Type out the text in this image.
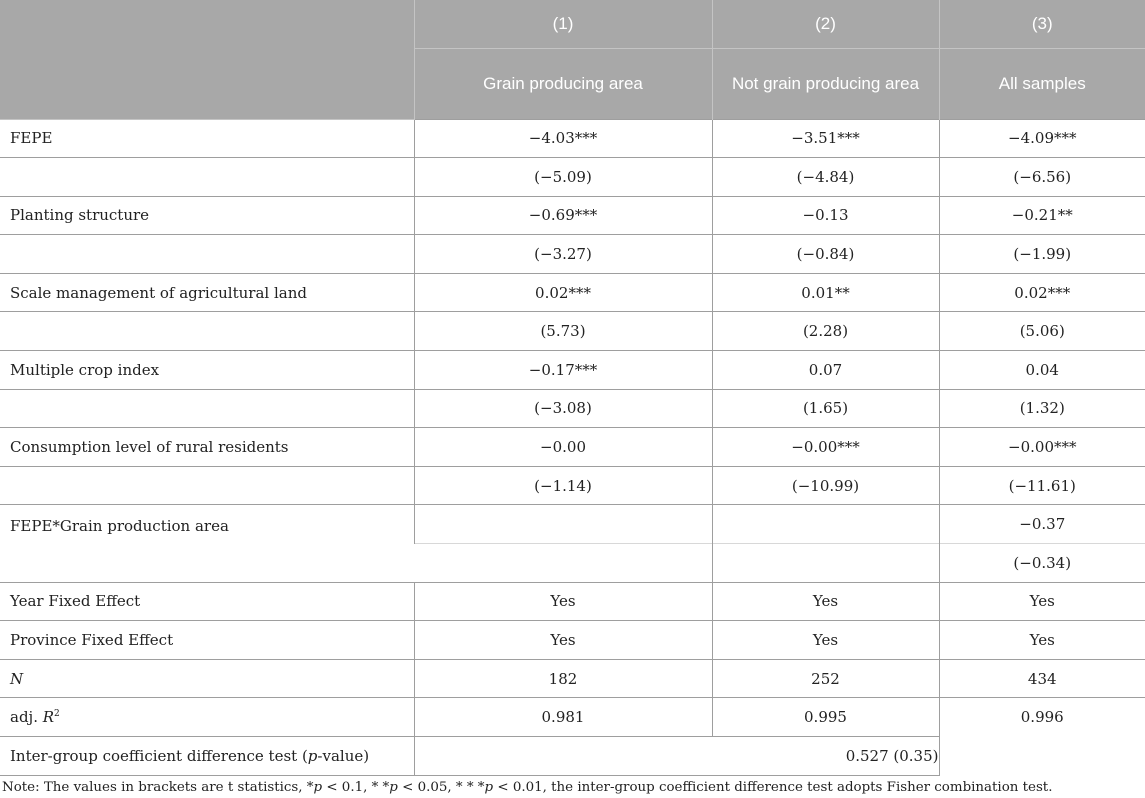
	(1)	(2)	(3)
	Grain producing area	Not grain producing area	All samples
FEPE	−4.03***	−3.51***	−4.09***
	(−5.09)	(−4.84)	(−6.56)
Planting structure	−0.69***	−0.13	−0.21**
	(−3.27)	(−0.84)	(−1.99)
Scale management of agricultural land	0.02***	0.01**	0.02***
	(5.73)	(2.28)	(5.06)
Multiple crop index	−0.17***	0.07	0.04
	(−3.08)	(1.65)	(1.32)
Consumption level of rural residents	−0.00	−0.00***	−0.00***
	(−1.14)	(−10.99)	(−11.61)
FEPE*Grain production area			−0.37
			(−0.34)
Year Fixed Effect	Yes	Yes	Yes
Province Fixed Effect	Yes	Yes	Yes
N	182	252	434
adj. $R^2$	0.981	0.995	0.996
Inter-group coefficient difference test (p-value)	0.527 (0.35)		
Note: The values in brackets are t statistics, *p < 0.1, * *p < 0.05, * * *p < 0.01, the inter-group coefficient difference test adopts Fisher combination test.
